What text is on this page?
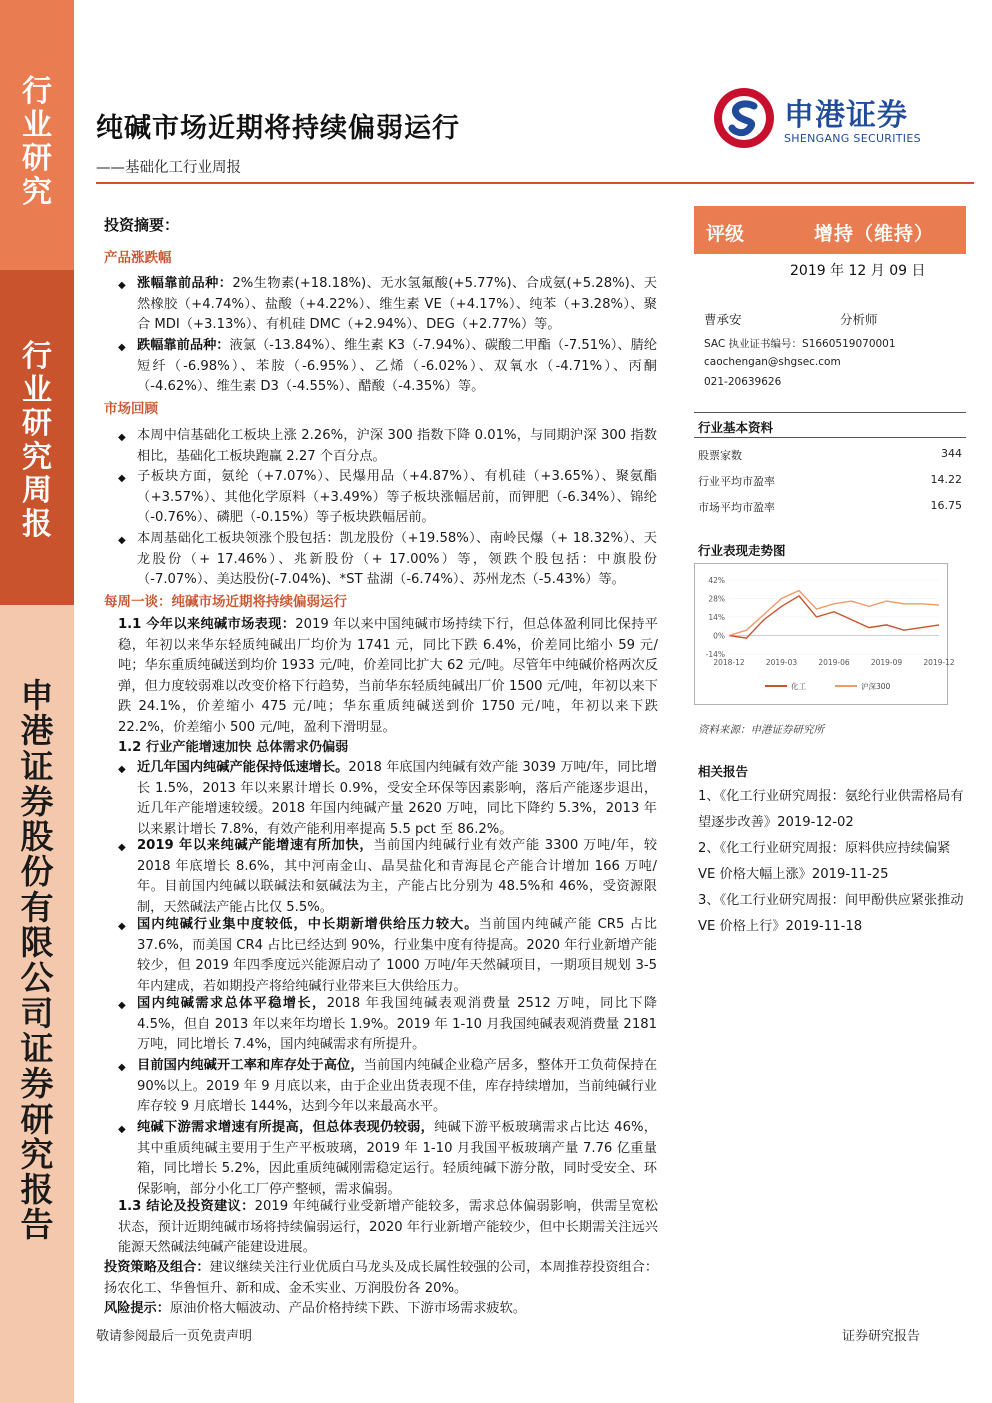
行
业
研
究
行
业
研
究
周
报
申
港
证
券
股
份
有
限
公
司
证
券
研
究
报
告
纯碱市场近期将持续偏弱运行
——基础化工行业周报
申港证券
SHENGANG SECURITIES
投资摘要：
产品涨跌幅
◆ 涨幅靠前品种：2%生物素(+18.18%)、无水氢氟酸(+5.77%)、合成氨(+5.28%)、天然橡胶（+4.74%）、盐酸（+4.22%）、维生素 VE（+4.17%）、纯苯（+3.28%）、聚合 MDI（+3.13%）、有机硅 DMC（+2.94%）、DEG（+2.77%）等。
◆ 跌幅靠前品种：液氯（-13.84%）、维生素 K3（-7.94%）、碳酸二甲酯（-7.51%）、腈纶短纤（-6.98%）、苯胺（-6.95%）、乙烯（-6.02%）、双氧水（-4.71%）、丙酮（-4.62%）、维生素 D3（-4.55%）、醋酸（-4.35%）等。
市场回顾
◆ 本周中信基础化工板块上涨 2.26%，沪深 300 指数下降 0.01%，与同期沪深 300 指数相比，基础化工板块跑赢 2.27 个百分点。
◆ 子板块方面，氨纶（+7.07%）、民爆用品（+4.87%）、有机硅（+3.65%）、聚氨酯（+3.57%）、其他化学原料（+3.49%）等子板块涨幅居前，而钾肥（-6.34%）、锦纶（-0.76%）、磷肥（-0.15%）等子板块跌幅居前。
◆ 本周基础化工板块领涨个股包括：凯龙股份（+19.58%）、南岭民爆（+ 18.32%）、天龙股份（+ 17.46%）、兆新股份（+ 17.00%）等，领跌个股包括：中旗股份（-7.07%）、美达股份(-7.04%)、*ST 盐湖（-6.74%）、苏州龙杰（-5.43%）等。
每周一谈：纯碱市场近期将持续偏弱运行
1.1 今年以来纯碱市场表现：2019 年以来中国纯碱市场持续下行，但总体盈利同比保持平稳，年初以来华东轻质纯碱出厂均价为 1741 元，同比下跌 6.4%，价差同比缩小 59 元/吨；华东重质纯碱送到均价 1933 元/吨，价差同比扩大 62 元/吨。尽管年中纯碱价格两次反弹，但力度较弱难以改变价格下行趋势，当前华东轻质纯碱出厂价 1500 元/吨，年初以来下跌 24.1%，价差缩小 475 元/吨；华东重质纯碱送到价 1750 元/吨，年初以来下跌 22.2%，价差缩小 500 元/吨，盈利下滑明显。
1.2 行业产能增速加快 总体需求仍偏弱
◆ 近几年国内纯碱产能保持低速增长。2018 年底国内纯碱有效产能 3039 万吨/年，同比增长 1.5%，2013 年以来累计增长 0.9%，受安全环保等因素影响，落后产能逐步退出，近几年产能增速较缓。2018 年国内纯碱产量 2620 万吨，同比下降约 5.3%，2013 年以来累计增长 7.8%，有效产能利用率提高 5.5 pct 至 86.2%。
◆ 2019 年以来纯碱产能增速有所加快，当前国内纯碱行业有效产能 3300 万吨/年，较 2018 年底增长 8.6%，其中河南金山、晶昊盐化和青海昆仑产能合计增加 166 万吨/年。目前国内纯碱以联碱法和氨碱法为主，产能占比分别为 48.5%和 46%，受资源限制，天然碱法产能占比仅 5.5%。
◆ 国内纯碱行业集中度较低，中长期新增供给压力较大。当前国内纯碱产能 CR5 占比 37.6%，而美国 CR4 占比已经达到 90%，行业集中度有待提高。2020 年行业新增产能较少，但 2019 年四季度远兴能源启动了 1000 万吨/年天然碱项目，一期项目规划 3-5 年内建成，若如期投产将给纯碱行业带来巨大供给压力。
◆ 国内纯碱需求总体平稳增长，2018 年我国纯碱表观消费量 2512 万吨，同比下降 4.5%，但自 2013 年以来年均增长 1.9%。2019 年 1-10 月我国纯碱表观消费量 2181 万吨，同比增长 7.4%，国内纯碱需求有所提升。
◆ 目前国内纯碱开工率和库存处于高位，当前国内纯碱企业稳产居多，整体开工负荷保持在 90%以上。2019 年 9 月底以来，由于企业出货表现不佳，库存持续增加，当前纯碱行业库存较 9 月底增长 144%，达到今年以来最高水平。
◆ 纯碱下游需求增速有所提高，但总体表现仍较弱，纯碱下游平板玻璃需求占比达 46%，其中重质纯碱主要用于生产平板玻璃，2019 年 1-10 月我国平板玻璃产量 7.76 亿重量箱，同比增长 5.2%，因此重质纯碱刚需稳定运行。轻质纯碱下游分散，同时受安全、环保影响，部分小化工厂停产整顿，需求偏弱。
1.3 结论及投资建议：2019 年纯碱行业受新增产能较多，需求总体偏弱影响，供需呈宽松状态，预计近期纯碱市场将持续偏弱运行，2020 年行业新增产能较少，但中长期需关注远兴能源天然碱法纯碱产能建设进展。
投资策略及组合：建议继续关注行业优质白马龙头及成长属性较强的公司，本周推荐投资组合：扬农化工、华鲁恒升、新和成、金禾实业、万润股份各 20%。
风险提示：原油价格大幅波动、产品价格持续下跌、下游市场需求疲软。
评级	增持（维持）
2019 年 12 月 09 日
曹承安	分析师
SAC 执业证书编号：S1660519070001
caochengan@shgsec.com
021-20639626
行业基本资料
股票家数	344
行业平均市盈率	14.22
市场平均市盈率	16.75
行业表现走势图
42%
28%
14%
0%
-14%
2018-12	2019-03	2019-06	2019-09	2019-12
化工	沪深300
资料来源：申港证券研究所
相关报告
1、《化工行业研究周报：氨纶行业供需格局有望逐步改善》2019-12-02
2、《化工行业研究周报：原料供应持续偏紧 VE 价格大幅上涨》2019-11-25
3、《化工行业研究周报：间甲酚供应紧张推动 VE 价格上行》2019-11-18
敬请参阅最后一页免责声明	证券研究报告
